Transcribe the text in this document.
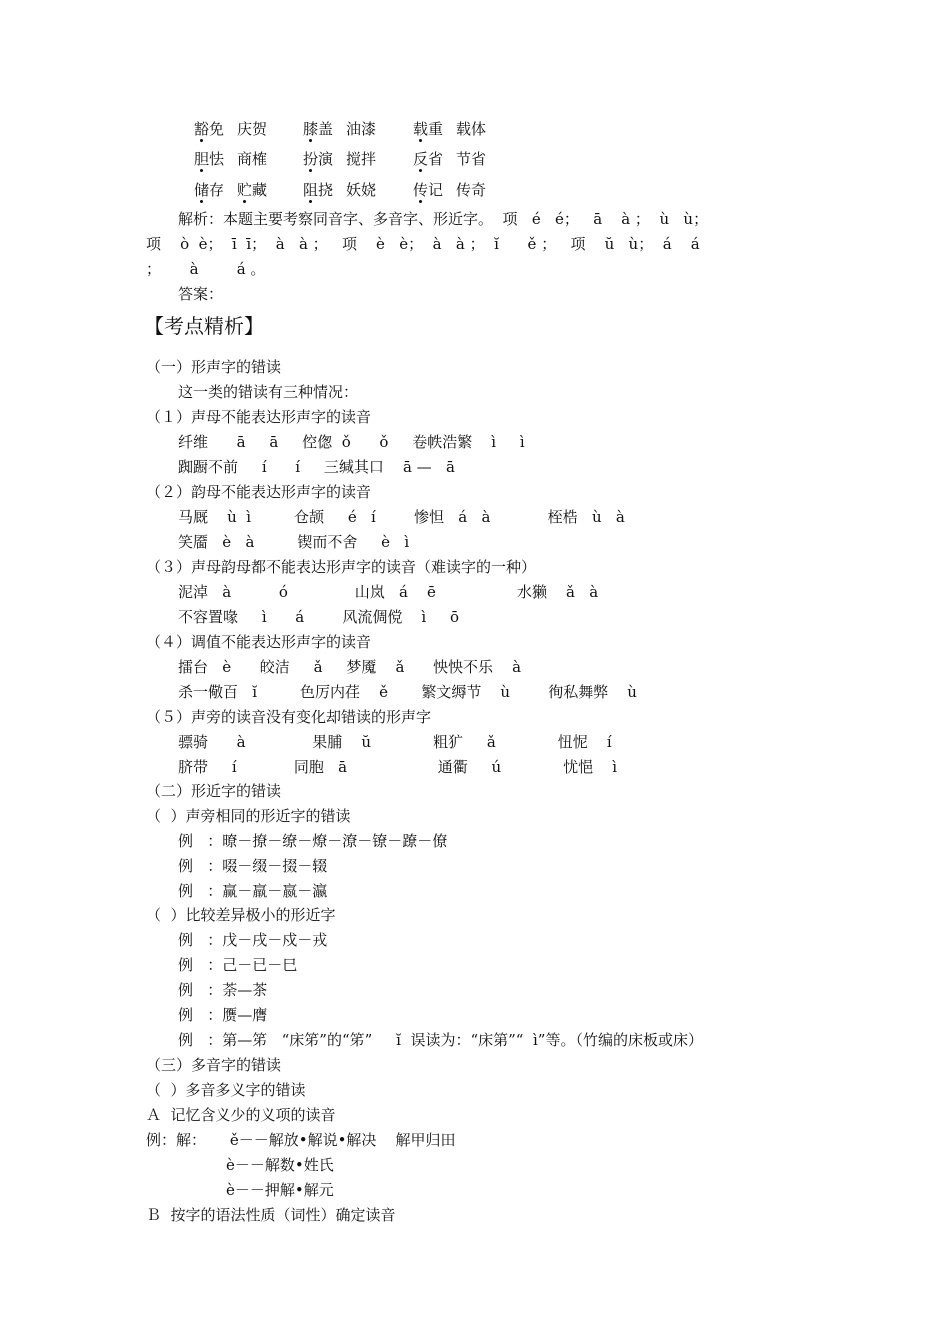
豁免 庆贺 膝盖 油漆 载重 载体
胆怯 商榷 扮演 搅拌 反省 节省
储存 贮藏 阻挠 妖娆 传记 传奇
解析：本题主要考察同音字、多音字、形近字。  项   é   é；   ā    à ；  ù   ù；
项    ò  è；  ī  ī；  à   à ；   项    è   è；  à   à ；  ĭ      ě ；   项    ŭ   ù；  á    á
；      à        á 。
答案：
【考点精析】
（一）形声字的错读
这一类的错读有三种情况：
（１）声母不能表达形声字的读音
纤维      ā     ā     倥偬  ǒ      ǒ     卷帙浩繁    ì     ì
踟蹰不前     í      í     三缄其口    ā —   ā
（２）韵母不能表达形声字的读音
马厩    ù  ì         仓颉     é   í        惨怛   á   à            桎梏   ù   à
笑靥   è   à         锲而不舍     è   ì
（３）声母韵母都不能表达形声字的读音（难读字的一种）
泥淖   à          ó              山岚   á    ē                 水獭    ǎ   à
不容置喙     ì      á        风流倜傥    ì     ō
（４）调值不能表达形声字的读音
擂台   è      皎洁     ǎ     梦魇    ǎ      怏怏不乐    à
杀一儆百   ĭ         色厉内荏    ě       繁文缛节    ù        徇私舞弊    ù
（５）声旁的读音没有变化却错读的形声字
骠骑      à              果脯    ŭ             粗犷     ǎ             忸怩    í
脐带     í            同胞   ā                   通衢     ú             忧悒    ì
（二）形近字的错读
（  ）声旁相同的形近字的错读
例   ：暸－撩－缭－燎－潦－镣－蹽－僚
例   ：啜－缀－掇－辍
例   ：赢－羸－嬴－瀛
（  ）比较差异极小的形近字
例   ：戊－戌－戍－戎
例   ：己－已－巳
例   ：荼—茶
例   ：赝—膺
例   ：第—笫   “床笫”的“笫”     ĭ  误读为：“床第”“  ì”等。（竹编的床板或床）
（三）多音字的错读
（  ）多音多义字的错读
Ａ  记忆含义少的义项的读音
例：解：     ě－－解放•解说•解决    解甲归田
è－－解数•姓氏
è－－押解•解元
Ｂ  按字的语法性质（词性）确定读音
